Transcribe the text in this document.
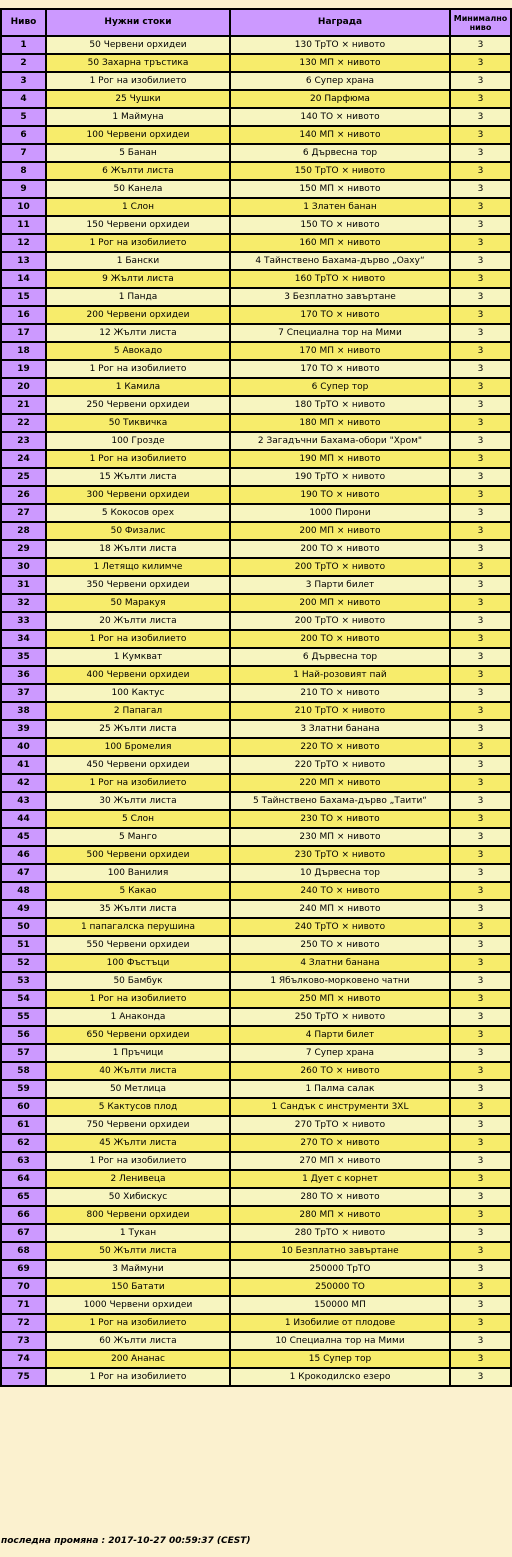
Ниво	Нужни стоки	Награда	Минимално ниво
1	50 Червени орхидеи	130 ТрТО × нивото	3
2	50 Захарна тръстика	130 МП × нивото	3
3	1 Рог на изобилието	6 Супер храна	3
4	25 Чушки	20 Парфюма	3
5	1 Маймуна	140 ТО × нивото	3
6	100 Червени орхидеи	140 МП × нивото	3
7	5 Банан	6 Дървесна тор	3
8	6 Жълти листа	150 ТрТО × нивото	3
9	50 Канела	150 МП × нивото	3
10	1 Слон	1 Златен банан	3
11	150 Червени орхидеи	150 ТО × нивото	3
12	1 Рог на изобилието	160 МП × нивото	3
13	1 Бански	4 Тайнствено Бахама-дърво „Оаху“	3
14	9 Жълти листа	160 ТрТО × нивото	3
15	1 Панда	3 Безплатно завъртане	3
16	200 Червени орхидеи	170 ТО × нивото	3
17	12 Жълти листа	7 Специална тор на Мими	3
18	5 Авокадо	170 МП × нивото	3
19	1 Рог на изобилието	170 ТО × нивото	3
20	1 Камила	6 Супер тор	3
21	250 Червени орхидеи	180 ТрТО × нивото	3
22	50 Тиквичка	180 МП × нивото	3
23	100 Грозде	2 Загадъчни Бахама-обори "Хром"	3
24	1 Рог на изобилието	190 МП × нивото	3
25	15 Жълти листа	190 ТрТО × нивото	3
26	300 Червени орхидеи	190 ТО × нивото	3
27	5 Кокосов орех	1000 Пирони	3
28	50 Физалис	200 МП × нивото	3
29	18 Жълти листа	200 ТО × нивото	3
30	1 Летящо килимче	200 ТрТО × нивото	3
31	350 Червени орхидеи	3 Парти билет	3
32	50 Маракуя	200 МП × нивото	3
33	20 Жълти листа	200 ТрТО × нивото	3
34	1 Рог на изобилието	200 ТО × нивото	3
35	1 Кумкват	6 Дървесна тор	3
36	400 Червени орхидеи	1 Най-розовият пай	3
37	100 Кактус	210 ТО × нивото	3
38	2 Папагал	210 ТрТО × нивото	3
39	25 Жълти листа	3 Златни банана	3
40	100 Бромелия	220 ТО × нивото	3
41	450 Червени орхидеи	220 ТрТО × нивото	3
42	1 Рог на изобилието	220 МП × нивото	3
43	30 Жълти листа	5 Тайнствено Бахама-дърво „Таити“	3
44	5 Слон	230 ТО × нивото	3
45	5 Манго	230 МП × нивото	3
46	500 Червени орхидеи	230 ТрТО × нивото	3
47	100 Ванилия	10 Дървесна тор	3
48	5 Какао	240 ТО × нивото	3
49	35 Жълти листа	240 МП × нивото	3
50	1 папагалска перушина	240 ТрТО × нивото	3
51	550 Червени орхидеи	250 ТО × нивото	3
52	100 Фъстъци	4 Златни банана	3
53	50 Бамбук	1 Ябълково-морковено чатни	3
54	1 Рог на изобилието	250 МП × нивото	3
55	1 Анаконда	250 ТрТО × нивото	3
56	650 Червени орхидеи	4 Парти билет	3
57	1 Пръчици	7 Супер храна	3
58	40 Жълти листа	260 ТО × нивото	3
59	50 Метлица	1 Палма салак	3
60	5 Кактусов плод	1 Сандък с инструменти 3XL	3
61	750 Червени орхидеи	270 ТрТО × нивото	3
62	45 Жълти листа	270 ТО × нивото	3
63	1 Рог на изобилието	270 МП × нивото	3
64	2 Ленивеца	1 Дует с корнет	3
65	50 Хибискус	280 ТО × нивото	3
66	800 Червени орхидеи	280 МП × нивото	3
67	1 Тукан	280 ТрТО × нивото	3
68	50 Жълти листа	10 Безплатно завъртане	3
69	3 Маймуни	250000 ТрТО	3
70	150 Батати	250000 ТО	3
71	1000 Червени орхидеи	150000 МП	3
72	1 Рог на изобилието	1 Изобилие от плодове	3
73	60 Жълти листа	10 Специална тор на Мими	3
74	200 Ананас	15 Супер тор	3
75	1 Рог на изобилието	1 Крокодилско езеро	3
последна промяна : 2017-10-27 00:59:37 (CEST)
